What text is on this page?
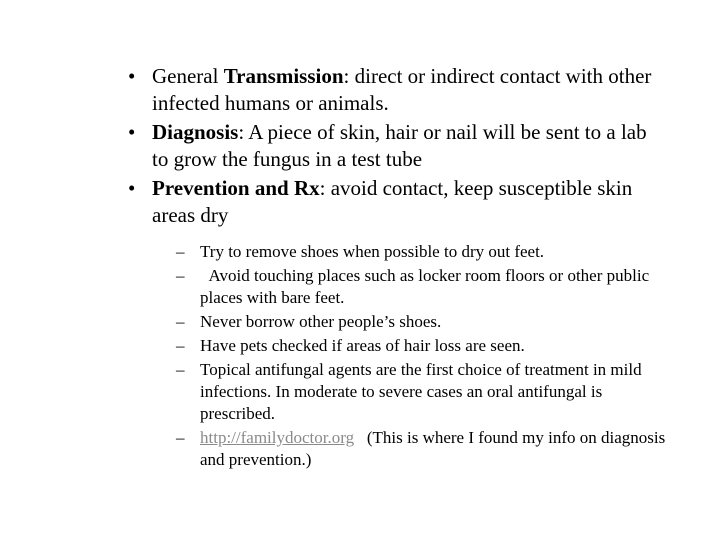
• General Transmission: direct or indirect contact with other infected humans or animals.
• Diagnosis: A piece of skin, hair or nail will be sent to a lab to grow the fungus in a test tube
• Prevention and Rx: avoid contact, keep susceptible skin areas dry
– Try to remove shoes when possible to dry out feet.
– Avoid touching places such as locker room floors or other public places with bare feet.
– Never borrow other people’s shoes.
– Have pets checked if areas of hair loss are seen.
– Topical antifungal agents are the first choice of treatment in mild infections. In moderate to severe cases an oral antifungal is prescribed.
– http://familydoctor.org   (This is where I found my info on diagnosis and prevention.)
